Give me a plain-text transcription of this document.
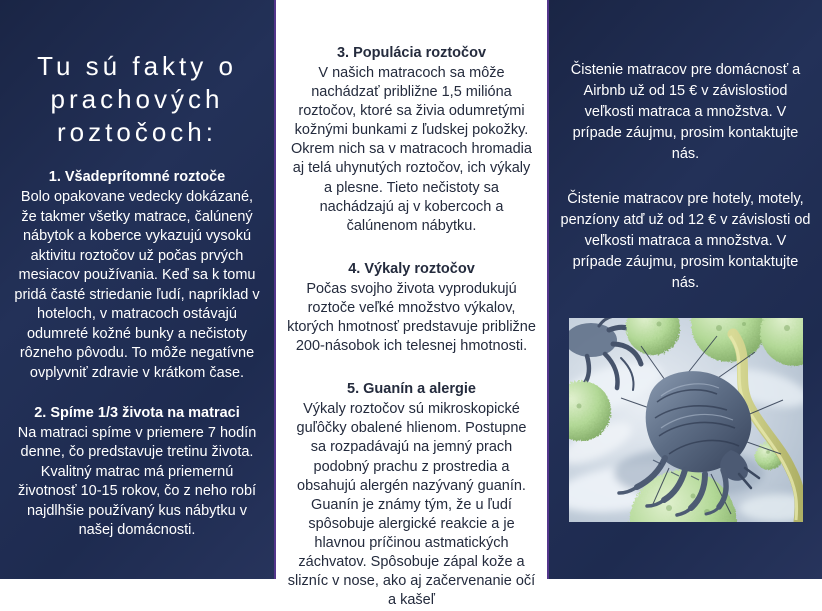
Tu sú fakty o prachových roztočoch:

1. Všadeprítomné roztoče

Bolo opakovane vedecky dokázané, že takmer všetky matrace, čalúnený nábytok a koberce vykazujú vysokú aktivitu roztočov už počas prvých mesiacov používania. Keď sa k tomu pridá časté striedanie ľudí, napríklad v hoteloch, v matracoch ostávajú odumreté kožné bunky a nečistoty rôzneho pôvodu. To môže negatívne ovplyvniť zdravie v krátkom čase.

2. Spíme 1/3 života na matraci

Na matraci spíme v priemere 7 hodín denne, čo predstavuje tretinu života. Kvalitný matrac má priemernú životnosť 10-15 rokov, čo z neho robí najdlhšie používaný kus nábytku v našej domácnosti.

3. Populácia roztočov

V našich matracoch sa môže nachádzať približne 1,5 milióna roztočov, ktoré sa živia odumretými kožnými bunkami z ľudskej pokožky. Okrem nich sa v matracoch hromadia aj telá uhynutých roztočov, ich výkaly a plesne. Tieto nečistoty sa nachádzajú aj v kobercoch a čalúnenom nábytku.

4. Výkaly roztočov

Počas svojho života vyprodukujú roztoče veľké množstvo výkalov, ktorých hmotnosť predstavuje približne 200-násobok ich telesnej hmotnosti.

5. Guanín a alergie

Výkaly roztočov sú mikroskopické guľôčky obalené hlienom. Postupne sa rozpadávajú na jemný prach podobný prachu z prostredia a obsahujú alergén nazývaný guanín. Guanín je známy tým, že u ľudí spôsobuje alergické reakcie a je hlavnou príčinou astmatických záchvatov. Spôsobuje zápal kože a slizníc v nose, ako aj začervenanie očí a kašeľ

Čistenie matracov pre domácnosť a Airbnb už od 15 € v závislostiod veľkosti matraca a množstva. V prípade záujmu, prosim kontaktujte nás.

Čistenie matracov pre hotely, motely, penzíony atď už od 12 € v závislosti od veľkosti matraca a množstva. V prípade záujmu, prosim kontaktujte nás.
